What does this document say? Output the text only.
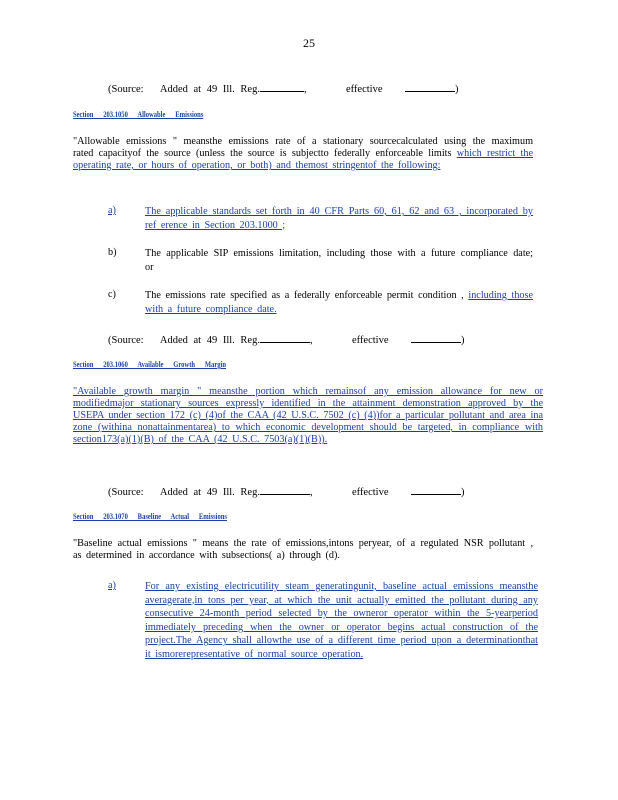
25
(Source: Added at 49 Ill. Reg.	,       effective	)
Section 203.1050 Allowable Emissions
"Allowable emissions " meansthe emissions rate of a stationary sourcecalculated using the maximum rated capacityof the source (unless the source is subjectto federally enforceable limits which restrict the operating rate, or hours of operation, or both) and themost stringentof the following:
a)	The applicable standards set forth in 40 CFR Parts 60, 61, 62 and 63 , incorporated by ref erence in Section 203.1000 ;
b)	The applicable SIP emissions limitation, including those with a future compliance date; or
c)	The emissions rate specified as a federally enforceable permit condition , including those with a future compliance date.
(Source: Added at 49 Ill. Reg.	,       effective	)
Section 203.1060 Available Growth Margin
"Available growth margin " meansthe portion which remainsof any emission allowance for new or modifiedmajor stationary sources expressly identified in the attainment demonstration approved by the USEPA under section 172 (c) (4)of the CAA (42 U.S.C. 7502 (c) (4))for a particular pollutant and area ina zone (withina nonattainmentarea) to which economic development should be targeted, in compliance with section173(a)(1)(B) of the CAA (42 U.S.C. 7503(a)(1)(B)).
(Source: Added at 49 Ill. Reg.	,       effective	)
Section 203.1070 Baseline Actual Emissions
"Baseline actual emissions " means the rate of emissions,intons peryear, of a regulated NSR pollutant , as determined in accordance with subsections( a) through (d).
a)	For any existing electricutility steam generatingunit, baseline actual emissions meansthe averagerate,in tons per year, at which the unit actually emitted the pollutant during any consecutive 24-month period selected by the owneror operator within the 5-yearperiod immediately preceding when the owner or operator begins actual construction of the project.The Agency shall allowthe use of a different time period upon a determinationthat it ismorerepresentative of normal source operation.
